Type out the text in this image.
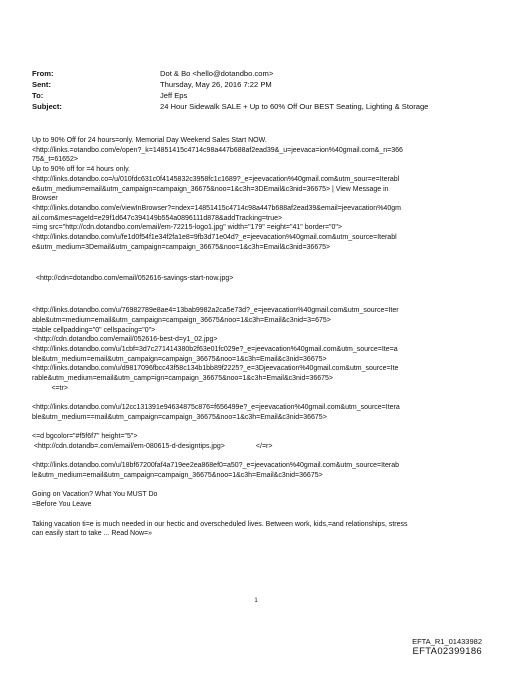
From:	Dot & Bo <hello@dotandbo.com>
Sent:	Thursday, May 26, 2016 7:22 PM
To:	Jeff Eps
Subject:	24 Hour Sidewalk SALE + Up to 60% Off Our BEST Seating, Lighting & Storage
Up to 90% Off for 24 hours=only. Memorial Day Weekend Sales Start NOW.
<http://links.=otandbo.com/e/open?_k=14851415c4714c98a447b688af2ead39&_u=jeevaca=ion%40gmail.com&_n=366
75&_t=61652>
Up to 90% off for =4 hours only.
<http://links.dotandbo.co=/u/010fdc631c0f4145832c3958fc1c1689?_e=jeevacation%40gmail.com&utm_sour=e=Iterabl
e&utm_medium=email&utm_campaign=campaign_36675&noo=1&c3h=3DEmail&c3nid=36675> | View Message in
Browser
<http://links.dotandbo.com/e/viewInBrowser?=ndex=14851415c4714c98a447b688af2ead39&email=jeevacation%40gm
ail.com&mes=ageId=e29f1d647c394149b554a0896111d878&addTracking=true>
=img src="http://cdn.dotandbo.com/email/em-72215-logo1.jpg" width="179" =eight="41" border="0">
<http://links.dotandbo.com/u/fe1d0f54f1e34f2fa1e8=9fb3d71e04d?_e=jeevacation%40gmail.com&utm_source=Iterabl
e&utm_medium=3Demail&utm_campaign=campaign_36675&noo=1&c3h=Email&c3nid=36675>
<http://cdn=dotandbo.com/email/052616-savings-start-now.jpg>
<http://links.dotandbo.com/u/76982789e8ae4=13bab9982a2ca5e73d?_e=jeevacation%40gmail.com&utm_source=Iter
able&utm=medium=email&utm_campaign=campaign_36675&noo=1&c3h=Email&c3nid=3=675>
=table cellpadding="0" cellspacing="0">
<http://cdn.dotandbo.com/email/052616-best-d=y1_02.jpg>
<http://links.dotandbo.com/u/1cbf=3d7c271414380b2f63e01fc029e?_e=jeevacation%40gmail.com&utm_source=Ite=a
ble&utm_medium=email&utm_campaign=campaign_36675&noo=1&c3h=Email&c3nid=36675>
<http://links.dotandbo.com/u/d9817096fbcc43f58c134b1bb89f2225?_e=3Djeevacation%40gmail.com&utm_source=Ite
rable&utm_medium=email&utm_camp=ign=campaign_36675&noo=1&c3h=Email&c3nid=36675>
<=tr>
<http://links.dotandbo.com/u/12cc131391e94634875c876=f656499e?_e=jeevacation%40gmail.com&utm_source=Itera
ble&utm_medium==mail&utm_campaign=campaign_36675&noo=1&c3h=Email&c3nid=36675>
<=d bgcolor="#f5f6f7" height="5">
<http://cdn.dotandb=.com/email/em-080615-d-designtips.jpg>                </=r>
<http://links.dotandbo.com/u/18bf67200faf4a719ee2ea868ef0=a50?_e=jeevacation%40gmail.com&utm_source=Iterab
le&utm_medium=email&utm_campaign=campaign_36675&noo=1&c3h=Email&c3nid=36675>
Going on Vacation? What You MUST Do
=Before You Leave
Taking vacation ti=e is much needed in our hectic and overscheduled lives. Between work, kids,=and relationships, stress
can easily start to take ... Read Now=»
1
EFTA_R1_01433982
EFTA02399186
